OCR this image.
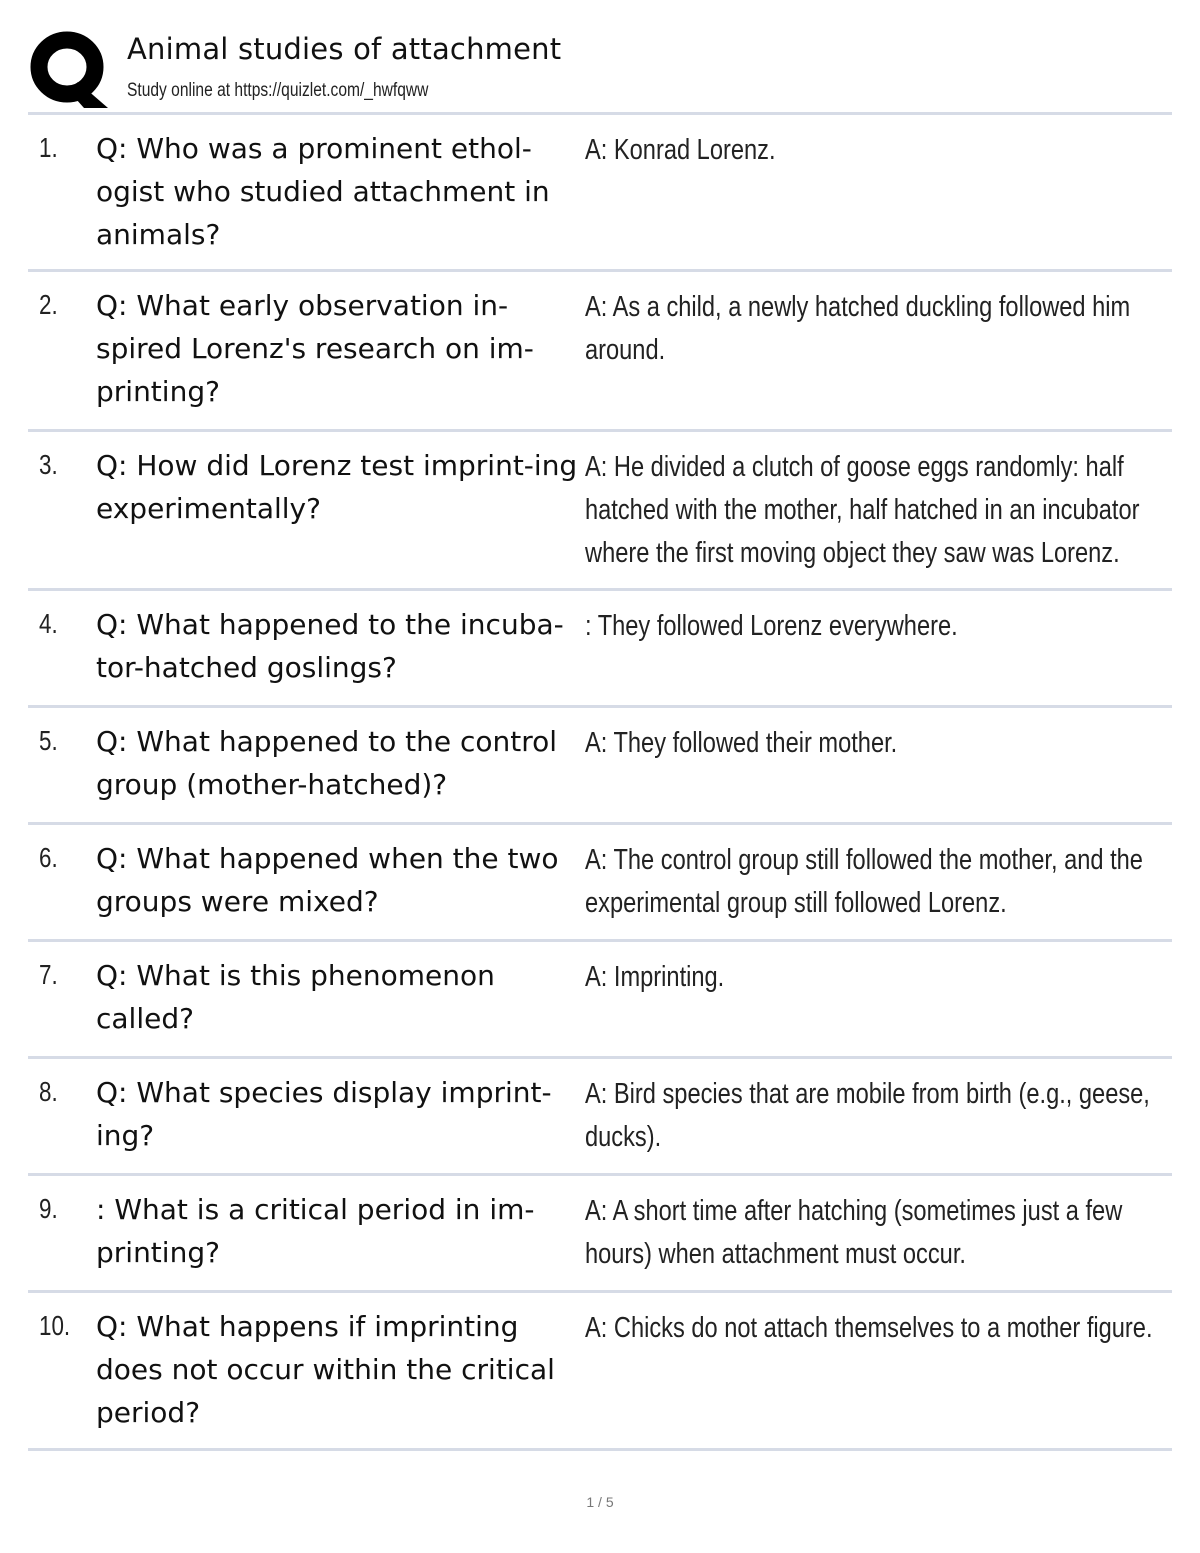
Animal studies of attachment
Study online at https://quizlet.com/_hwfqww
1. Q: Who was a prominent ethol-ogist who studied attachment in animals?
A: Konrad Lorenz.
2. Q: What early observation in-spired Lorenz's research on im-printing?
A: As a child, a newly hatched duckling followed him around.
3. Q: How did Lorenz test imprint-ing experimentally?
A: He divided a clutch of goose eggs randomly: half hatched with the mother, half hatched in an incubator where the first moving object they saw was Lorenz.
4. Q: What happened to the incuba-tor-hatched goslings?
: They followed Lorenz everywhere.
5. Q: What happened to the control group (mother-hatched)?
A: They followed their mother.
6. Q: What happened when the two groups were mixed?
A: The control group still followed the mother, and the experimental group still followed Lorenz.
7. Q: What is this phenomenon called?
A: Imprinting.
8. Q: What species display imprint-ing?
A: Bird species that are mobile from birth (e.g., geese, ducks).
9. : What is a critical period in im-printing?
A: A short time after hatching (sometimes just a few hours) when attachment must occur.
10. Q: What happens if imprinting does not occur within the critical period?
A: Chicks do not attach themselves to a mother figure.
1 / 5
